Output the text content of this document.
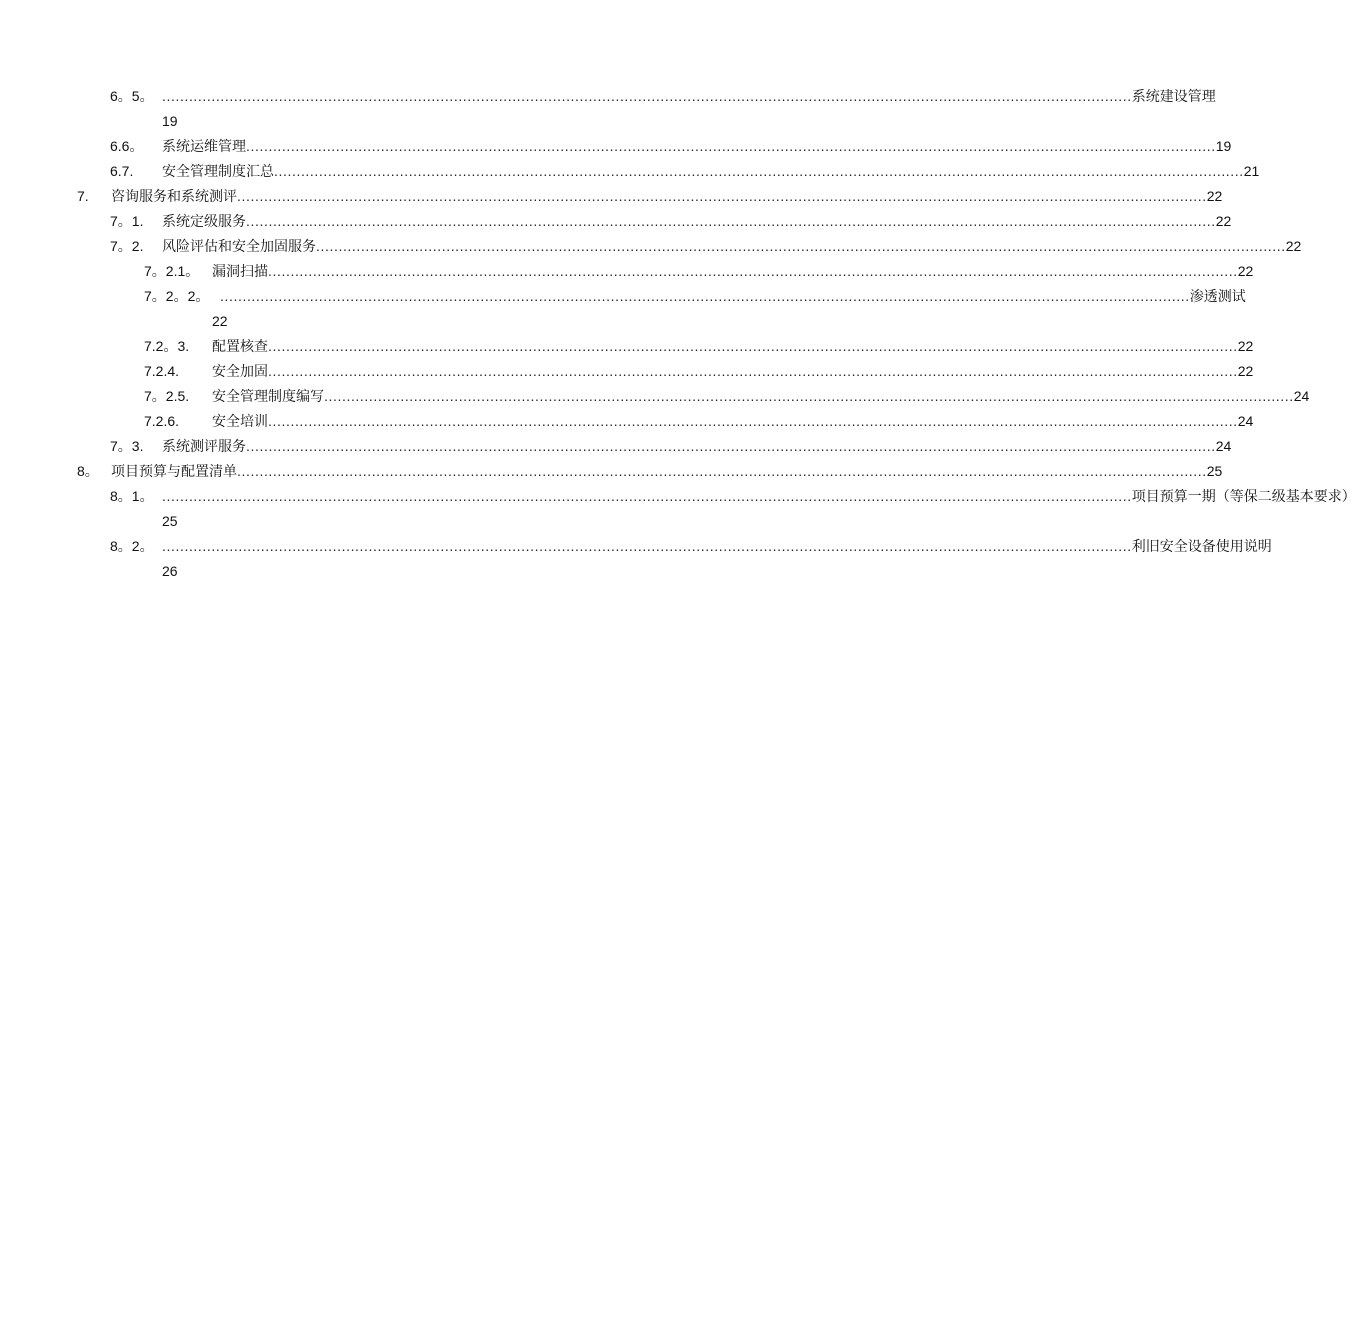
6。5。 ........................................................................................................................................................................................................................ 系统建设管理
19
6.6。 系统运维管理 ........................................................................................................................................................................................................................ 19
6.7. 安全管理制度汇总 ........................................................................................................................................................................................................................ 21
7. 咨询服务和系统测评 ........................................................................................................................................................................................................................ 22
7。1. 系统定级服务 ........................................................................................................................................................................................................................ 22
7。2. 风险评估和安全加固服务 ........................................................................................................................................................................................................................ 22
7。2.1。 漏洞扫描 ........................................................................................................................................................................................................................ 22
7。2。2。 ........................................................................................................................................................................................................................ 渗透测试
22
7.2。3. 配置核查 ........................................................................................................................................................................................................................ 22
7.2.4. 安全加固 ........................................................................................................................................................................................................................ 22
7。2.5. 安全管理制度编写 ........................................................................................................................................................................................................................ 24
7.2.6. 安全培训 ........................................................................................................................................................................................................................ 24
7。3. 系统测评服务 ........................................................................................................................................................................................................................ 24
8。 项目预算与配置清单 ........................................................................................................................................................................................................................ 25
8。1。 ........................................................................................................................................................................................................................ 项目预算一期（等保二级基本要求）
25
8。2。 ........................................................................................................................................................................................................................ 利旧安全设备使用说明
26
